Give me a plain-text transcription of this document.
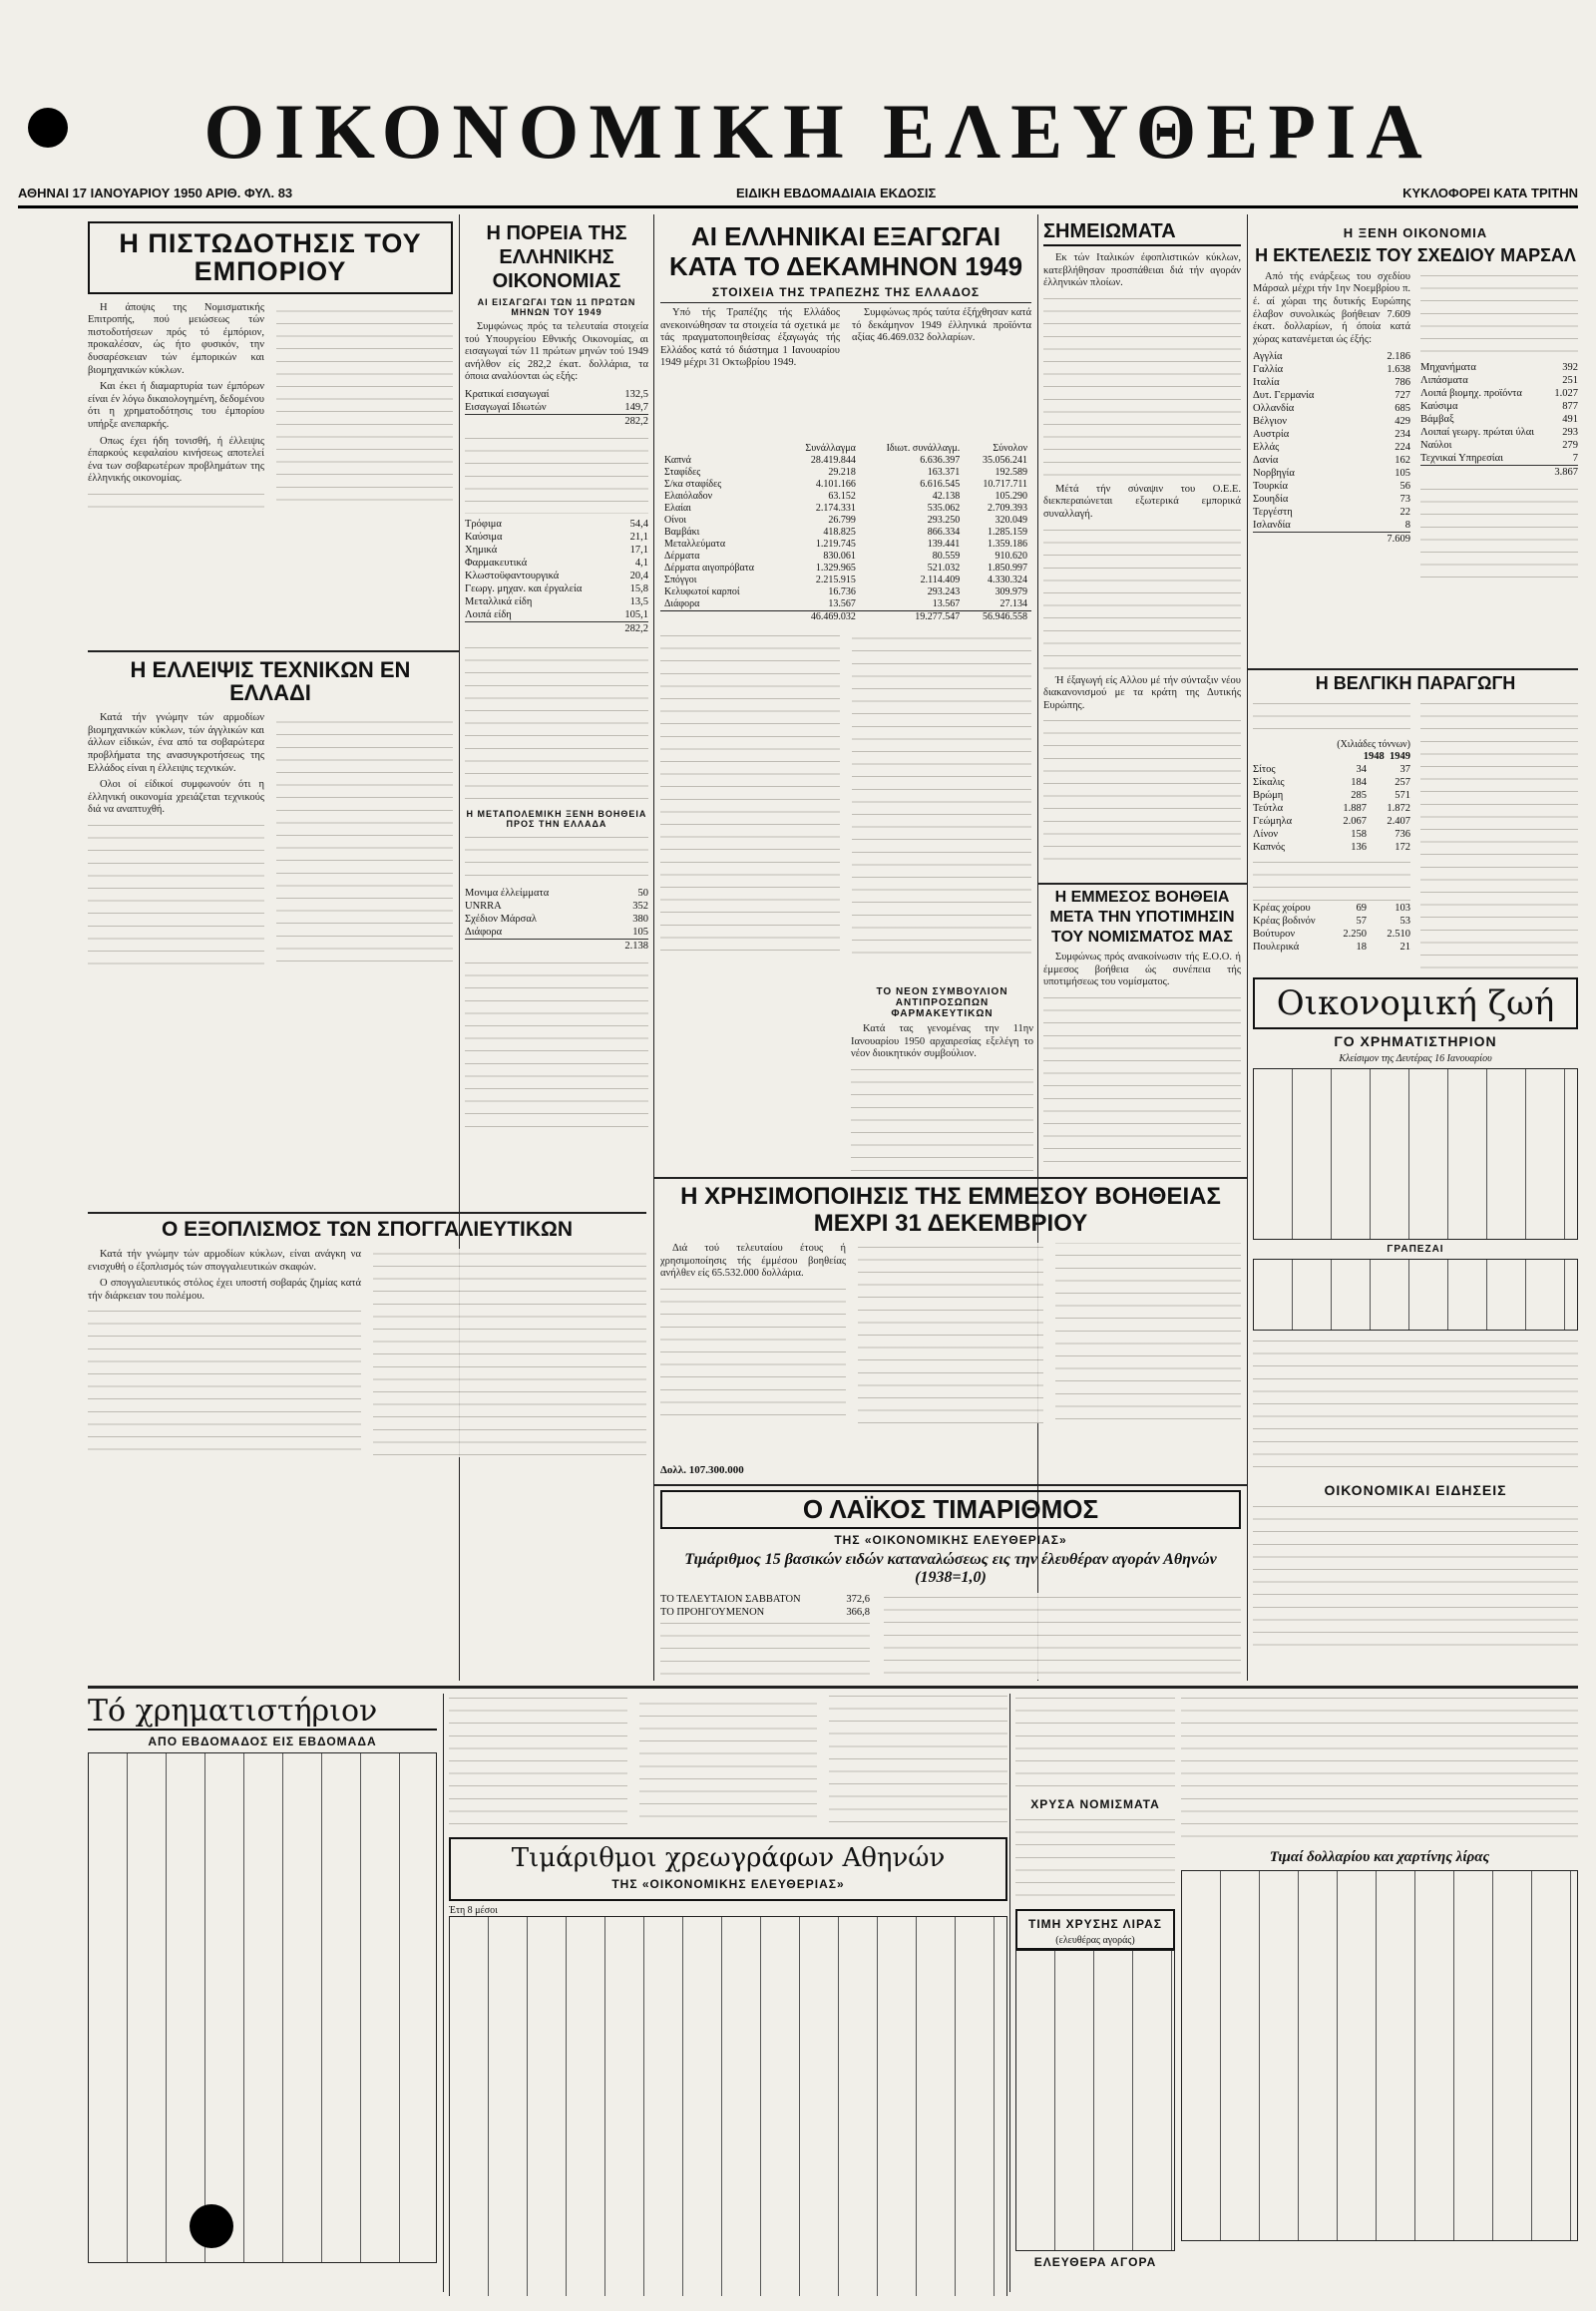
ΟΙΚΟΝΟΜΙΚΗ ΕΛΕΥΘΕΡΙΑ
ΑΘΗΝΑΙ 17 ΙΑΝΟΥΑΡΙΟΥ 1950 ΑΡΙΘ. ΦΥΛ. 83	ΕΙΔΙΚΗ ΕΒΔΟΜΑΔΙΑΙΑ ΕΚΔΟΣΙΣ	ΚΥΚΛΟΦΟΡΕΙ ΚΑΤΑ ΤΡΙΤΗΝ
Η ΠΙΣΤΩΔΟΤΗΣΙΣ ΤΟΥ ΕΜΠΟΡΙΟΥ

Η άποψις της Νομισματικής Επιτροπής, πού μειώσεως τών πιστοδοτήσεων πρός τό έμπόριον, προκαλέσαν, ώς ήτο φυσικόν, την δυσαρέσκειαν τών έμπορικών και βιομηχανικών κύκλων.

Και έκει ή διαμαρτυρία των έμπόρων είναι έν λόγω δικαιολογημένη, δεδομένου ότι η χρηματοδότησις του έμπορίου υπήρξε ανεπαρκής.

Οπως έχει ήδη τονισθή, ή έλλειψις έπαρκούς κεφαλαίου κινήσεως αποτελεί ένα των σοβαρωτέρων προβλημάτων της έλληνικής οικονομίας.

Η ΕΛΛΕΙΨΙΣ ΤΕΧΝΙΚΩΝ ΕΝ ΕΛΛΑΔΙ

Κατά τήν γνώμην τών αρμοδίων βιομηχανικών κύκλων, τών άγγλικών και άλλων είδικών, ένα από τα σοβαρώτερα προβλήματα της ανασυγκροτήσεως της Ελλάδος είναι η έλλειψις τεχνικών.

Ολοι οί είδικοί συμφωνούν ότι η έλληνική οικονομία χρειάζεται τεχνικούς διά να αναπτυχθή.

Ο ΕΞΟΠΛΙΣΜΟΣ ΤΩΝ ΣΠΟΓΓΑΛΙΕΥΤΙΚΩΝ

Κατά τήν γνώμην τών αρμοδίων κύκλων, είναι ανάγκη να ενισχυθή ο έξοπλισμός τών σπογγαλιευτικών σκαφών.

Ο σπογγαλιευτικός στόλος έχει υποστή σοβαράς ζημίας κατά τήν διάρκειαν του πολέμου.

Η ΠΟΡΕΙΑ ΤΗΣ ΕΛΛΗΝΙΚΗΣ ΟΙΚΟΝΟΜΙΑΣ
ΑΙ ΕΙΣΑΓΩΓΑΙ ΤΩΝ 11 ΠΡΩΤΩΝ ΜΗΝΩΝ ΤΟΥ 1949

Συμφώνως πρός τα τελευταία στοιχεία τού Υπουργείου Εθνικής Οικονομίας, αι εισαγωγαί τών 11 πρώτων μηνών τού 1949 ανήλθον είς 282,2 έκατ. δολλάρια, τα όποια αναλύονται ώς εξής:

Κρατικαί εισαγωγαί	132,5
Εισαγωγαί Ιδιωτών	149,7
282,2
Τρόφιμα	54,4
Καύσιμα	21,1
Χημικά	17,1
Φαρμακευτικά	4,1
Κλωστοϋφαντουργικά	20,4
Γεωργ. μηχαν. και έργαλεία	15,8
Μεταλλικά είδη	13,5
Λοιπά είδη	105,1
282,2
Η ΜΕΤΑΠΟΛΕΜΙΚΗ ΞΕΝΗ ΒΟΗΘΕΙΑ ΠΡΟΣ ΤΗΝ ΕΛΛΑΔΑ
Μονιμα έλλείμματα	50
UNRRA	352
Σχέδιον Μάρσαλ	380
Διάφορα	105
2.138
ΑΙ ΕΛΛΗΝΙΚΑΙ ΕΞΑΓΩΓΑΙ ΚΑΤΑ ΤΟ ΔΕΚΑΜΗΝΟΝ 1949
ΣΤΟΙΧΕΙΑ ΤΗΣ ΤΡΑΠΕΖΗΣ ΤΗΣ ΕΛΛΑΔΟΣ

Υπό τής Τραπέζης τής Ελλάδος ανεκοινώθησαν τα στοιχεία τά σχετικά με τάς πραγματοποιηθείσας έξαγωγάς τής Ελλάδος κατά τό διάστημα 1 Ιανουαρίου 1949 μέχρι 31 Οκτωβρίου 1949.

Συμφώνως πρός ταύτα έξήχθησαν κατά τό δεκάμηνον 1949 έλληνικά προϊόντα αξίας 46.469.032 δολλαρίων.

	Συνάλλαγμα	Ιδιωτ. συνάλλαγμ.	Σύνολον
Καπνά	28.419.844	6.636.397	35.056.241
Σταφίδες	29.218	163.371	192.589
Σ/κα σταφίδες	4.101.166	6.616.545	10.717.711
Ελαιόλαδον	63.152	42.138	105.290
Ελαίαι	2.174.331	535.062	2.709.393
Οίνοι	26.799	293.250	320.049
Βαμβάκι	418.825	866.334	1.285.159
Μεταλλεύματα	1.219.745	139.441	1.359.186
Δέρματα	830.061	80.559	910.620
Δέρματα αιγοπρόβατα	1.329.965	521.032	1.850.997
Σπόγγοι	2.215.915	2.114.409	4.330.324
Κελυφωτοί καρποί	16.736	293.243	309.979
Διάφορα	13.567	13.567	27.134
	46.469.032	19.277.547	56.946.558
ΣΗΜΕΙΩΜΑΤΑ

Εκ τών Ιταλικών έφοπλιστικών κύκλων, κατεβλήθησαν προσπάθειαι διά τήν αγοράν έλληνικών πλοίων.

Μέτά τήν σύναψιν του Ο.Ε.Ε. διεκπεραιώνεται εξωτερικά εμπορικά συναλλαγή.

Ή έξαγωγή είς Αλλου μέ τήν σύνταξιν νέου διακανονισμού με τα κράτη της Δυτικής Ευρώπης.

Η ΕΜΜΕΣΟΣ ΒΟΗΘΕΙΑ ΜΕΤΑ ΤΗΝ ΥΠΟΤΙΜΗΣΙΝ ΤΟΥ ΝΟΜΙΣΜΑΤΟΣ ΜΑΣ

Συμφώνως πρός ανακοίνωσιν τής Ε.Ο.Ο. ή έμμεσος βοήθεια ώς συνέπεια τής υποτιμήσεως του νομίσματος.

ΤΟ ΝΕΟΝ ΣΥΜΒΟΥΛΙΟΝ ΑΝΤΙΠΡΟΣΩΠΩΝ ΦΑΡΜΑΚΕΥΤΙΚΩΝ

Κατά τας γενομένας την 11ην Ιανουαρίου 1950 αρχαιρεσίας εξελέγη το νέον διοικητικόν συμβούλιον.

Η ΧΡΗΣΙΜΟΠΟΙΗΣΙΣ ΤΗΣ ΕΜΜΕΣΟΥ ΒΟΗΘΕΙΑΣ ΜΕΧΡΙ 31 ΔΕΚΕΜΒΡΙΟΥ

Διά τού τελευταίου έτους ή χρησιμοποίησις τής έμμέσου βοηθείας ανήλθεν είς 65.532.000 δολλάρια.

Δολλ. 107.300.000
Ο ΛΑΪΚΟΣ ΤΙΜΑΡΙΘΜΟΣ
ΤΗΣ «ΟΙΚΟΝΟΜΙΚΗΣ ΕΛΕΥΘΕΡΙΑΣ»
Τιμάριθμος 15 βασικών ειδών καταναλώσεως εις την έλευθέραν αγοράν Αθηνών (1938=1,0)
ΤΟ ΤΕΛΕΥΤΑΙΟΝ ΣΑΒΒΑΤΟΝ	372,6
ΤΟ ΠΡΟΗΓΟΥΜΕΝΟΝ	366,8
Η ΞΕΝΗ ΟΙΚΟΝΟΜΙΑ
Η ΕΚΤΕΛΕΣΙΣ ΤΟΥ ΣΧΕΔΙΟΥ ΜΑΡΣΑΛ

Από τής ενάρξεως του σχεδίου Μάρσαλ μέχρι τήν 1ην Νοεμβρίου π. έ. αί χώραι της δυτικής Ευρώπης έλαβον συνολικώς βοήθειαν 7.609 έκατ. δολλαρίων, ή όποία κατά χώρας κατανέμεται ώς έξής:

Αγγλία	2.186
Γαλλία	1.638
Ιταλία	786
Δυτ. Γερμανία	727
Ολλανδία	685
Βέλγιον	429
Αυστρία	234
Ελλάς	224
Δανία	162
Νορβηγία	105
Τουρκία	56
Σουηδία	73
Τεργέστη	22
Ισλανδία	8
7.609
Μηχανήματα	392
Λιπάσματα	251
Λοιπά βιομηχ. προϊόντα	1.027
Καύσιμα	877
Βάμβαξ	491
Λοιπαί γεωργ. πρώται ύλαι	293
Ναύλοι	279
Τεχνικαί Υπηρεσίαι	7
3.867
Η ΒΕΛΓΙΚΗ ΠΑΡΑΓΩΓΗ
(Χιλιάδες τόννων)
1948 1949
Σίτος	34	37
Σίκαλις	184	257
Βρώμη	285	571
Τεύτλα	1.887 1.872
Γεώμηλα	2.067 2.407
Λίνον	158	736
Καπνός	136	172
Κρέας χοίρου	69	103
Κρέας βοδινόν	57	53
Βούτυρον	2.250 2.510
Πουλερικά	18	21
Οικονομική ζωή
ΓΟ ΧΡΗΜΑΤΙΣΤΗΡΙΟΝ
Κλείσιμον της Δευτέρας 16 Ιανουαρίου
ΓΡΑΠΕΖΑΙ
ΟΙΚΟΝΟΜΙΚΑΙ ΕΙΔΗΣΕΙΣ
Τό χρηματιστήριον
ΑΠΟ ΕΒΔΟΜΑΔΟΣ ΕΙΣ ΕΒΔΟΜΑΔΑ
Τιμάριθμοι χρεωγράφων Αθηνών
ΤΗΣ «ΟΙΚΟΝΟΜΙΚΗΣ ΕΛΕΥΘΕΡΙΑΣ»
Έτη 8 μέσοι
ΧΡΥΣΑ ΝΟΜΙΣΜΑΤΑ
ΤΙΜΗ ΧΡΥΣΗΣ ΛΙΡΑΣ
(ελευθέρας αγοράς)
ΕΛΕΥΘΕΡΑ ΑΓΟΡΑ
Τιμαί δολλαρίου και χαρτίνης λίρας
